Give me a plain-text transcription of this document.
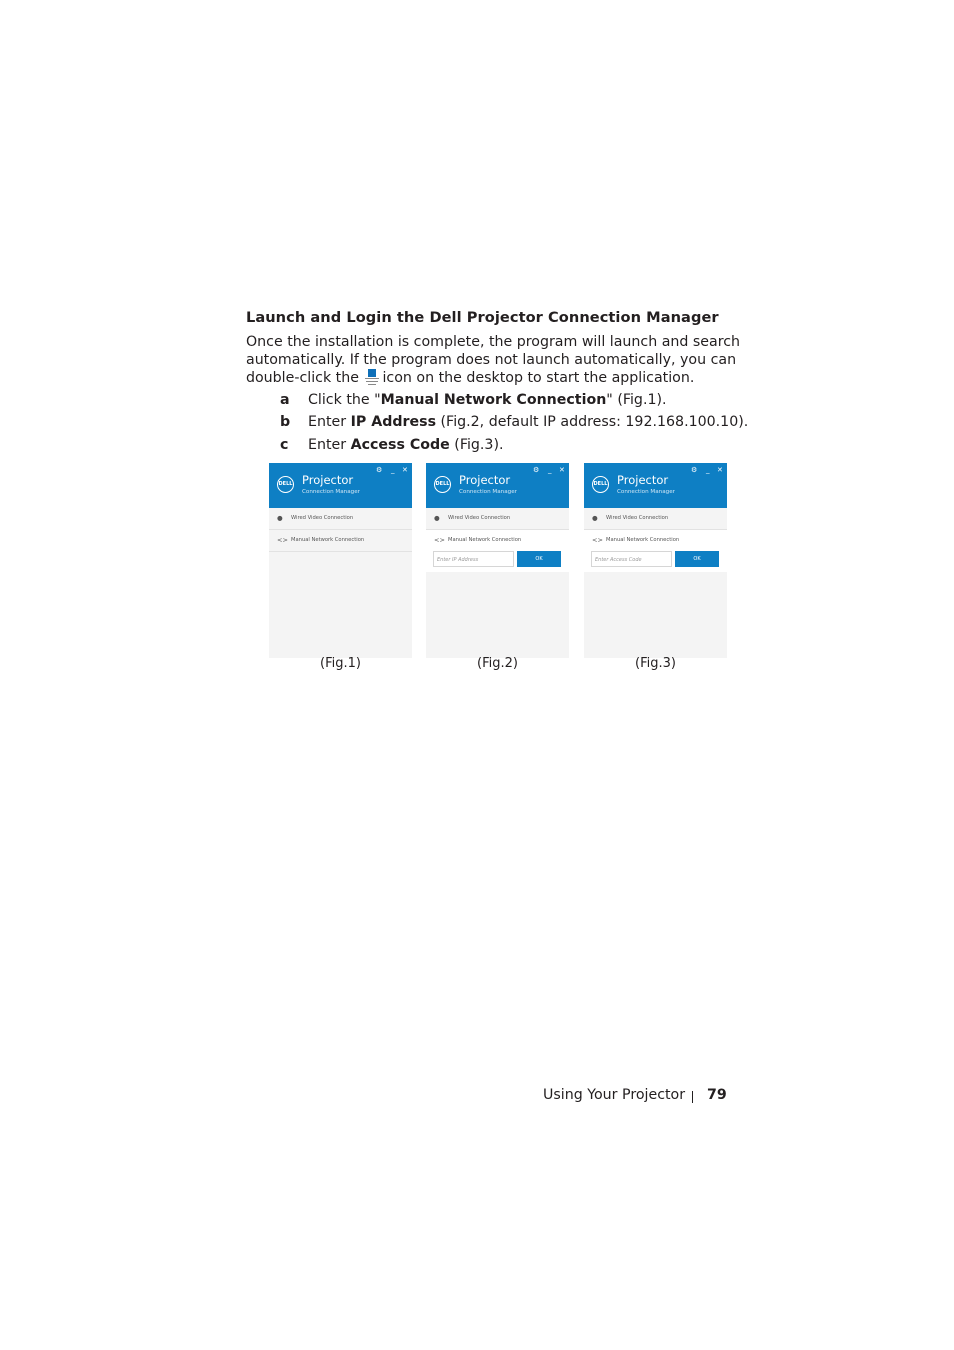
Launch and Login the Dell Projector Connection Manager
Once the installation is complete, the program will launch and search
automatically. If the program does not launch automatically, you can
double-click the icon on the desktop to start the application.
a Click the "Manual Network Connection" (Fig.1).
b Enter IP Address (Fig.2, default IP address: 192.168.100.10).
c Enter Access Code (Fig.3).
DELL Projector
Connection Manager
⚙ _ ✕
● Wired Video Connection
<> Manual Network Connection
DELL Projector
Connection Manager
⚙ _ ✕
● Wired Video Connection
<> Manual Network Connection
Enter IP Address	OK
DELL Projector
Connection Manager
⚙ _ ✕
● Wired Video Connection
<> Manual Network Connection
Enter Access Code	OK
(Fig.1)	(Fig.2)	(Fig.3)
Using Your Projector 79
